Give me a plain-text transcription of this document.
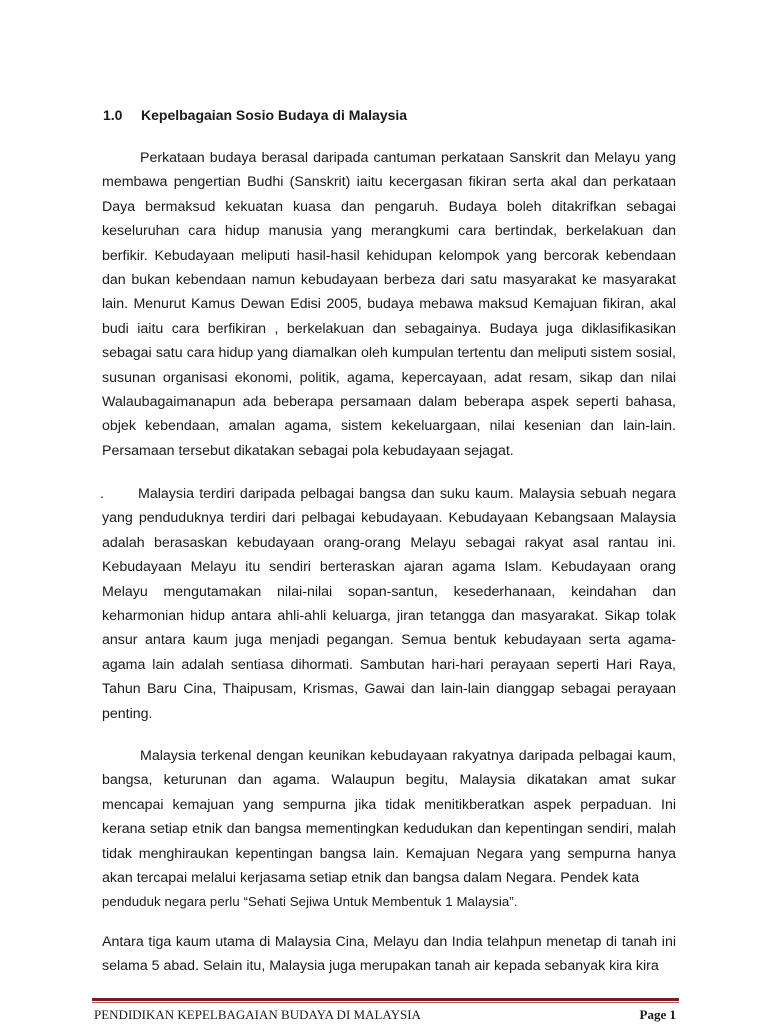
1.0 Kepelbagaian Sosio Budaya di Malaysia

Perkataan budaya berasal daripada cantuman perkataan Sanskrit dan Melayu yang membawa pengertian Budhi (Sanskrit) iaitu kecergasan fikiran serta akal dan perkataan Daya bermaksud kekuatan kuasa dan pengaruh. Budaya boleh ditakrifkan sebagai keseluruhan cara hidup manusia yang merangkumi cara bertindak, berkelakuan dan berfikir. Kebudayaan meliputi hasil-hasil kehidupan kelompok yang bercorak kebendaan dan bukan kebendaan namun kebudayaan berbeza dari satu masyarakat ke masyarakat lain. Menurut Kamus Dewan Edisi 2005, budaya mebawa maksud Kemajuan fikiran, akal budi iaitu cara berfikiran , berkelakuan dan sebagainya. Budaya juga diklasifikasikan sebagai satu cara hidup yang diamalkan oleh kumpulan tertentu dan meliputi sistem sosial, susunan organisasi ekonomi, politik, agama, kepercayaan, adat resam, sikap dan nilai Walaubagaimanapun ada beberapa persamaan dalam beberapa aspek seperti bahasa, objek kebendaan, amalan agama, sistem kekeluargaan, nilai kesenian dan lain-lain. Persamaan tersebut dikatakan sebagai pola kebudayaan sejagat.

. Malaysia terdiri daripada pelbagai bangsa dan suku kaum. Malaysia sebuah negara yang penduduknya terdiri dari pelbagai kebudayaan. Kebudayaan Kebangsaan Malaysia adalah berasaskan kebudayaan orang-orang Melayu sebagai rakyat asal rantau ini. Kebudayaan Melayu itu sendiri berteraskan ajaran agama Islam. Kebudayaan orang Melayu mengutamakan nilai-nilai sopan-santun, kesederhanaan, keindahan dan keharmonian hidup antara ahli-ahli keluarga, jiran tetangga dan masyarakat. Sikap tolak ansur antara kaum juga menjadi pegangan. Semua bentuk kebudayaan serta agama-agama lain adalah sentiasa dihormati. Sambutan hari-hari perayaan seperti Hari Raya, Tahun Baru Cina, Thaipusam, Krismas, Gawai dan lain-lain dianggap sebagai perayaan penting.

Malaysia terkenal dengan keunikan kebudayaan rakyatnya daripada pelbagai kaum, bangsa, keturunan dan agama. Walaupun begitu, Malaysia dikatakan amat sukar mencapai kemajuan yang sempurna jika tidak menitikberatkan aspek perpaduan. Ini kerana setiap etnik dan bangsa mementingkan kedudukan dan kepentingan sendiri, malah tidak menghiraukan kepentingan bangsa lain. Kemajuan Negara yang sempurna hanya akan tercapai melalui kerjasama setiap etnik dan bangsa dalam Negara. Pendek kata
penduduk negara perlu “Sehati Sejiwa Untuk Membentuk 1 Malaysia”.

Antara tiga kaum utama di Malaysia Cina, Melayu dan India telahpun menetap di tanah ini selama 5 abad. Selain itu, Malaysia juga merupakan tanah air kepada sebanyak kira kira

PENDIDIKAN KEPELBAGAIAN BUDAYA DI MALAYSIA	Page 1
